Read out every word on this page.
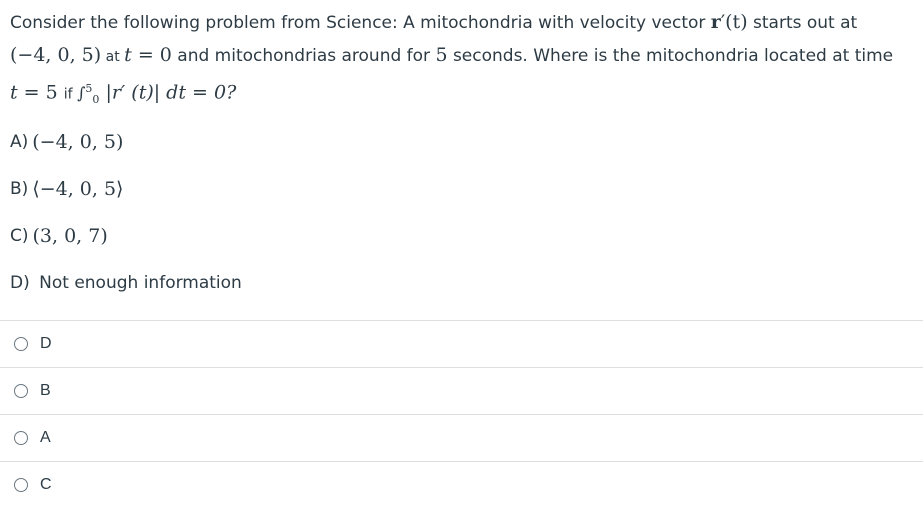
Consider the following problem from Science: A mitochondria with velocity vector r′(t) starts out at
(−4, 0, 5) at t = 0 and mitochondrias around for 5 seconds. Where is the mitochondria located at time
t = 5 if ∫$^5_0$ |r′ (t)| dt = 0?
A) (−4, 0, 5)
B) ⟨−4, 0, 5⟩
C) (3, 0, 7)
D)
Not enough information
D
B
A
C
